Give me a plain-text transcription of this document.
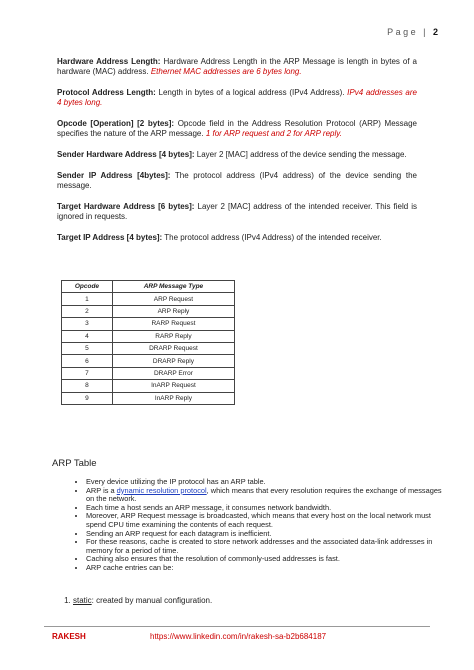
Page | 2

Hardware Address Length: Hardware Address Length in the ARP Message is length in bytes of a hardware (MAC) address. Ethernet MAC addresses are 6 bytes long.

Protocol Address Length: Length in bytes of a logical address (IPv4 Address). IPv4 addresses are 4 bytes long.

Opcode [Operation] [2 bytes]: Opcode field in the Address Resolution Protocol (ARP) Message specifies the nature of the ARP message. 1 for ARP request and 2 for ARP reply.

Sender Hardware Address [4 bytes]: Layer 2 [MAC] address of the device sending the message.

Sender IP Address [4bytes]: The protocol address (IPv4 address) of the device sending the message.

Target Hardware Address [6 bytes]: Layer 2 [MAC] address of the intended receiver. This field is ignored in requests.

Target IP Address [4 bytes]: The protocol address (IPv4 Address) of the intended receiver.

Opcode	ARP Message Type
1	ARP Request
2	ARP Reply
3	RARP Request
4	RARP Reply
5	DRARP Request
6	DRARP Reply
7	DRARP Error
8	InARP Request
9	InARP Reply
ARP Table
• Every device utilizing the IP protocol has an ARP table.
• ARP is a dynamic resolution protocol, which means that every resolution requires the exchange of messages on the network.
• Each time a host sends an ARP message, it consumes network bandwidth.
• Moreover, ARP Request message is broadcasted, which means that every host on the local network must spend CPU time examining the contents of each request.
• Sending an ARP request for each datagram is inefficient.
• For these reasons, cache is created to store network addresses and the associated data-link addresses in memory for a period of time.
• Caching also ensures that the resolution of commonly-used addresses is fast.
• ARP cache entries can be:
1. static: created by manual configuration.
RAKESH	https://www.linkedin.com/in/rakesh-sa-b2b684187
